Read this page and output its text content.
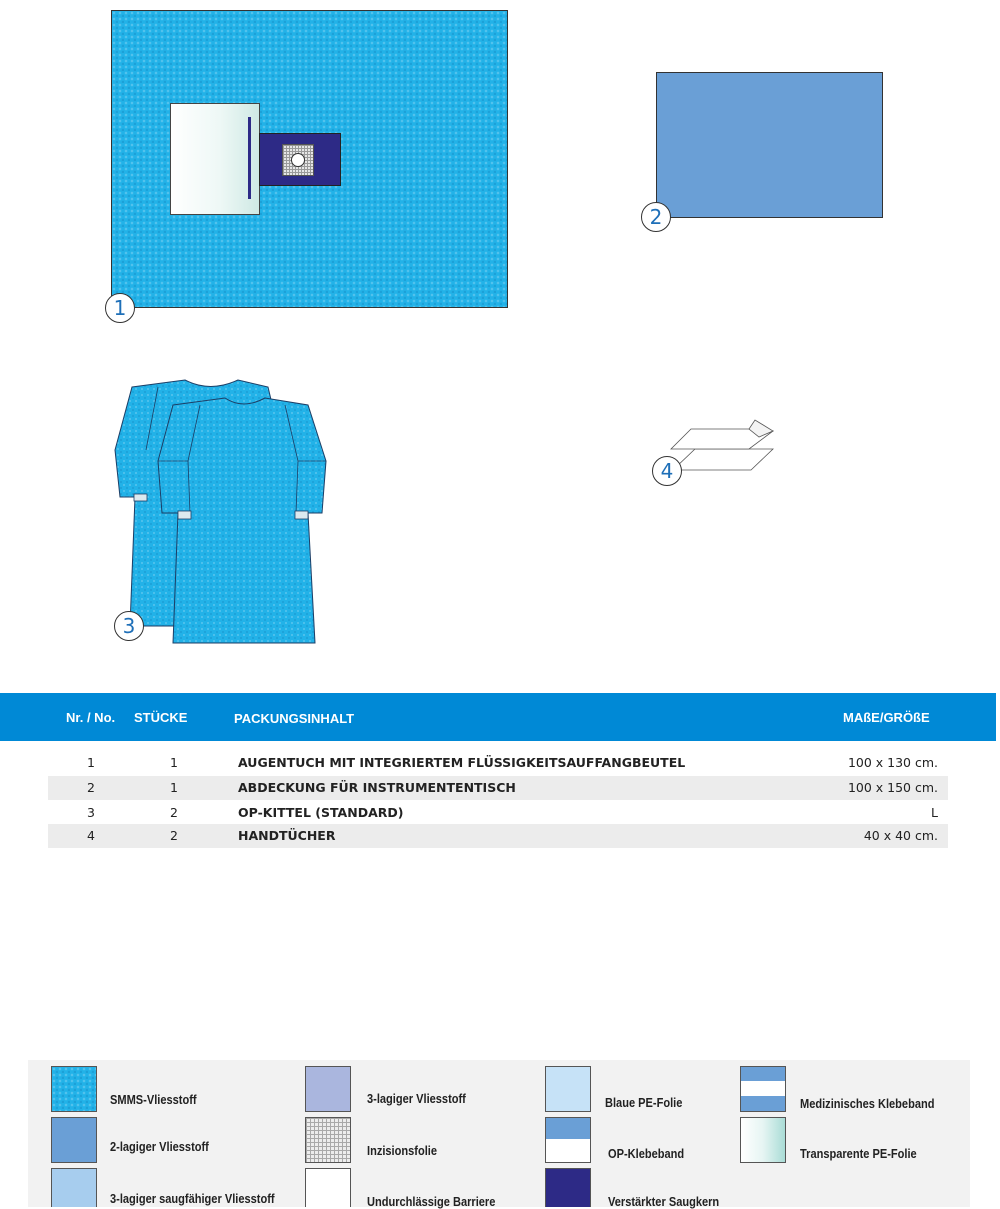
1
2
3
4
Nr. / No. STÜCKE	PACKUNGSINHALT	MAßE/GRÖßE
1	1	AUGENTUCH MIT INTEGRIERTEM FLÜSSIGKEITSAUFFANGBEUTEL	100 x 130 cm.
2	1	ABDECKUNG FÜR INSTRUMENTENTISCH	100 x 150 cm.
3	2	OP-KITTEL (STANDARD)	L
4	2	HANDTÜCHER	40 x 40 cm.
SMMS-Vliesstoff
2-lagiger Vliesstoff
3-lagiger saugfähiger Vliesstoff
3-lagiger Vliesstoff
Inzisionsfolie
Undurchlässige Barriere
Blaue PE-Folie
OP-Klebeband
Verstärkter Saugkern
Medizinisches Klebeband
Transparente PE-Folie
